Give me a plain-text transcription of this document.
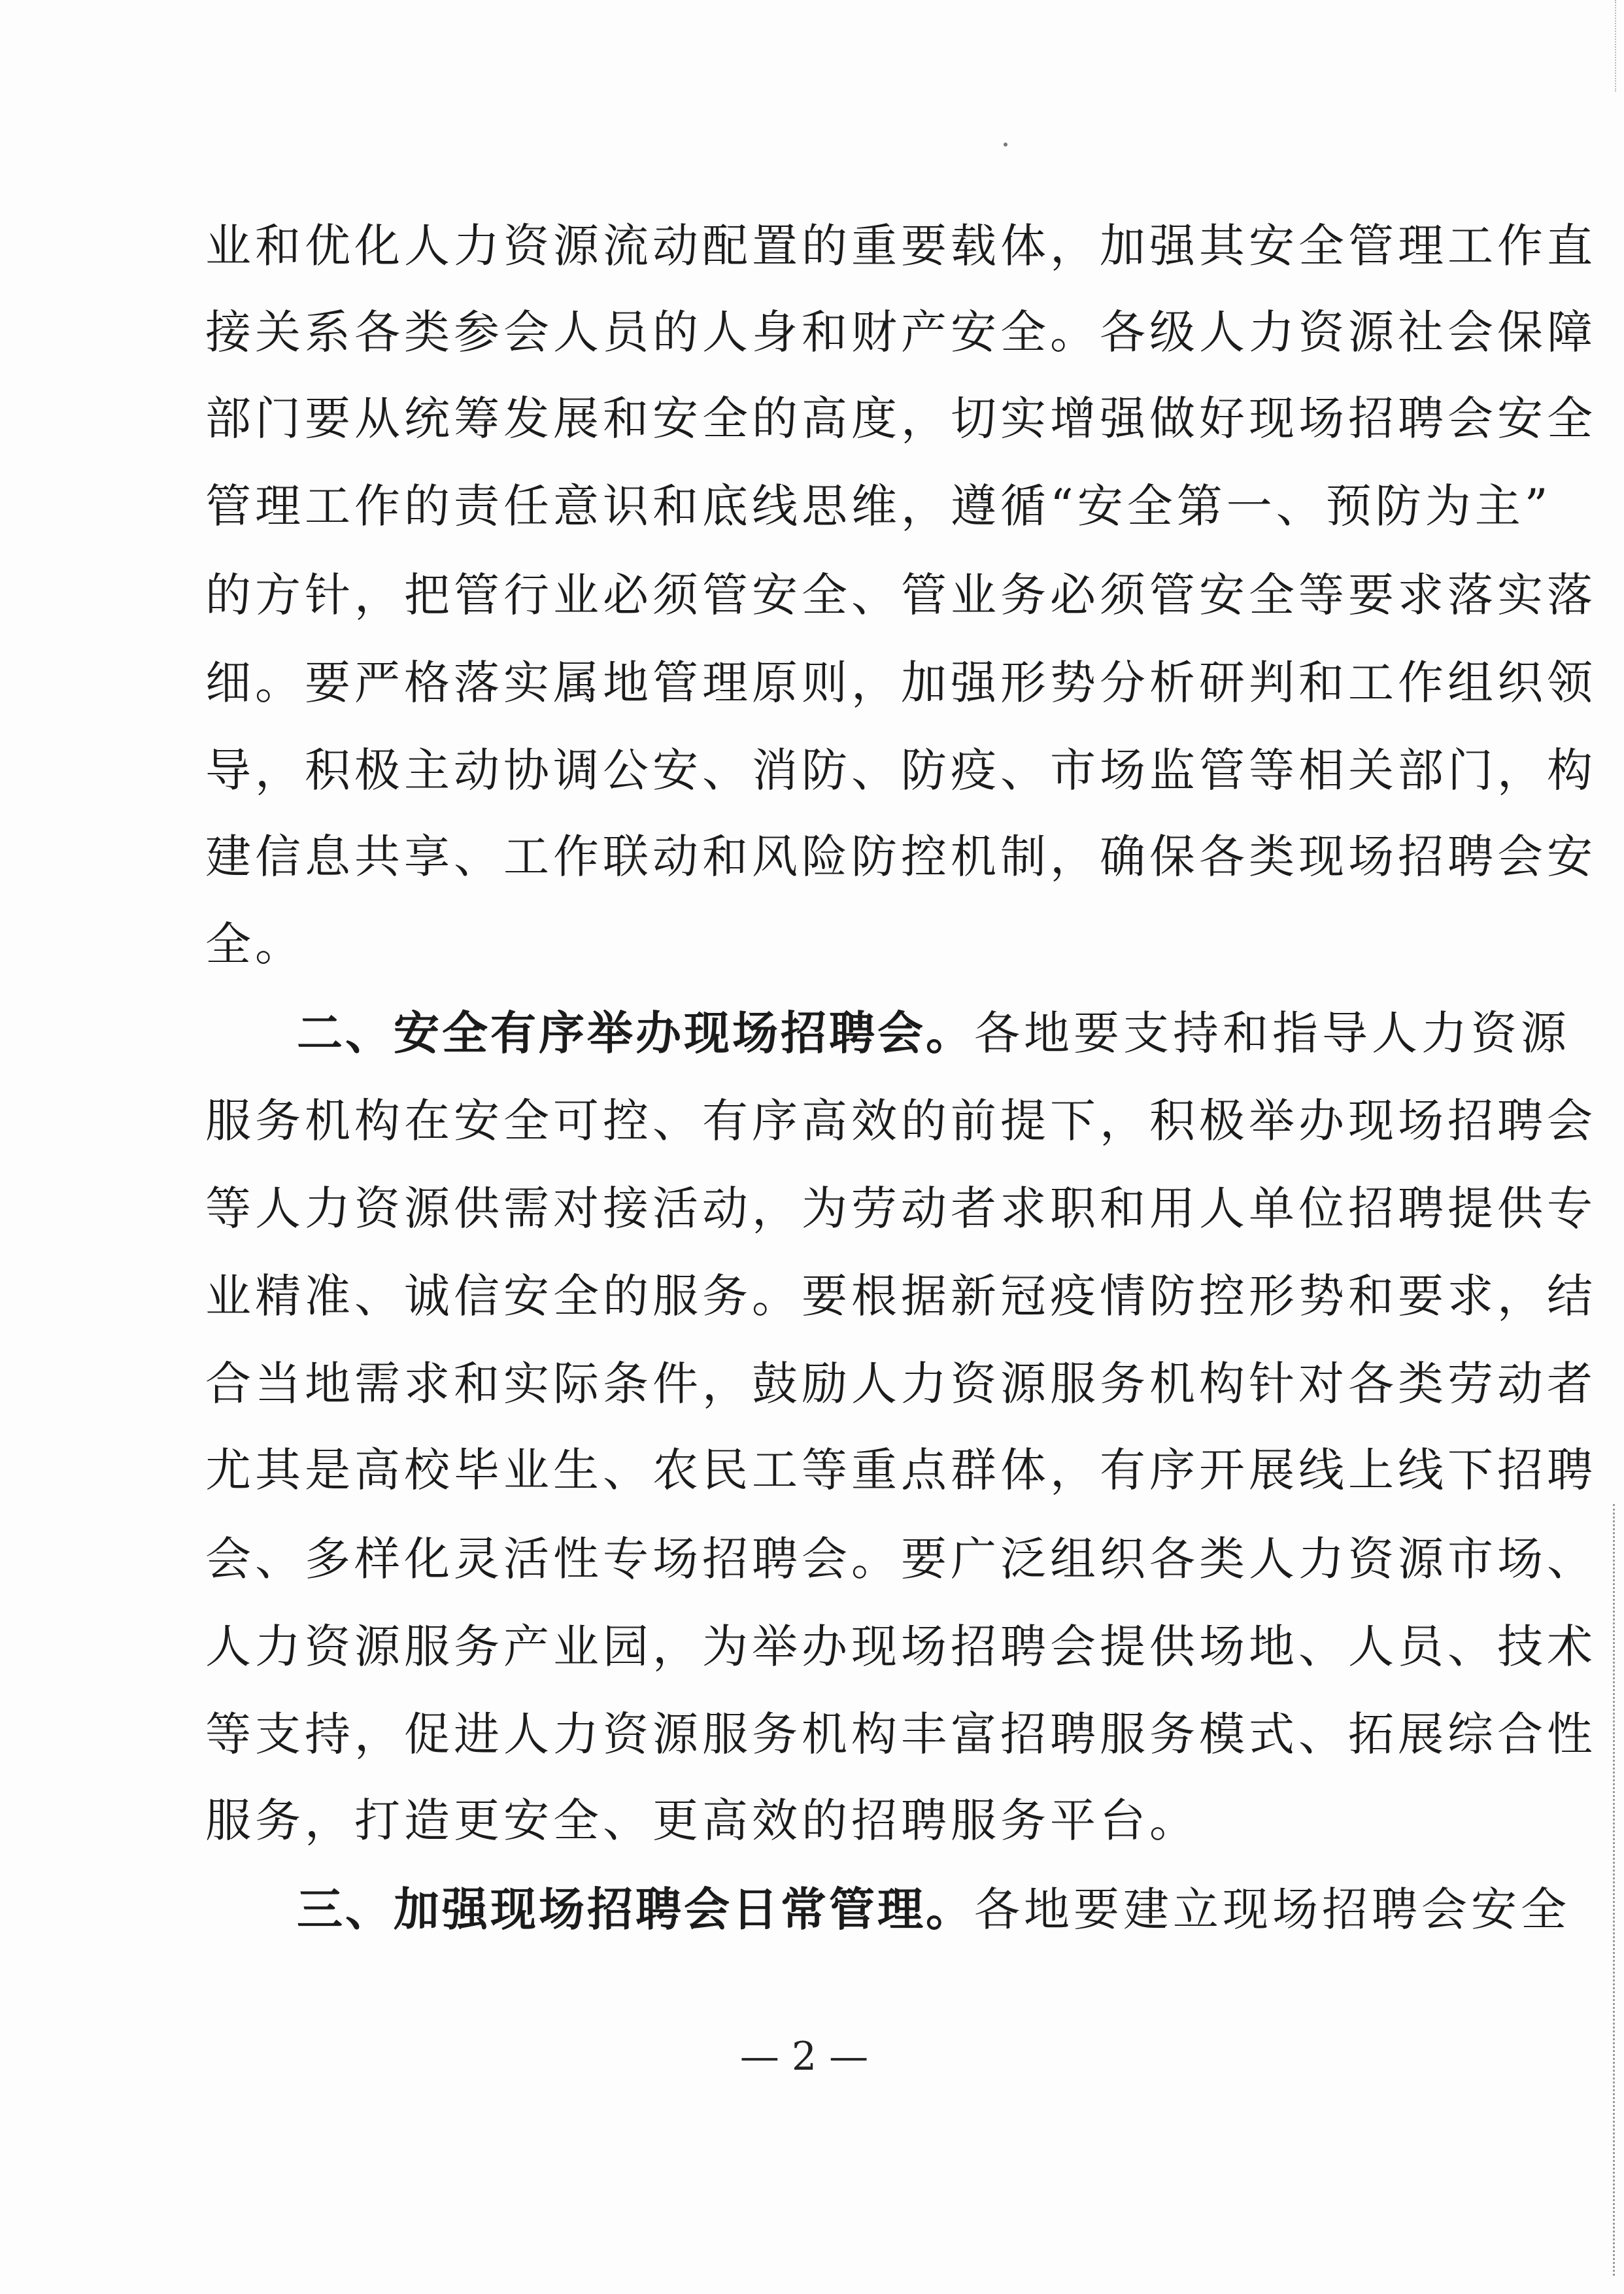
业和优化人力资源流动配置的重要载体，加强其安全管理工作直
接关系各类参会人员的人身和财产安全。各级人力资源社会保障
部门要从统筹发展和安全的高度，切实增强做好现场招聘会安全
管理工作的责任意识和底线思维，遵循“安全第一、预防为主”
的方针，把管行业必须管安全、管业务必须管安全等要求落实落
细。要严格落实属地管理原则，加强形势分析研判和工作组织领
导，积极主动协调公安、消防、防疫、市场监管等相关部门，构
建信息共享、工作联动和风险防控机制，确保各类现场招聘会安
全。
二、安全有序举办现场招聘会。各地要支持和指导人力资源
服务机构在安全可控、有序高效的前提下，积极举办现场招聘会
等人力资源供需对接活动，为劳动者求职和用人单位招聘提供专
业精准、诚信安全的服务。要根据新冠疫情防控形势和要求，结
合当地需求和实际条件，鼓励人力资源服务机构针对各类劳动者
尤其是高校毕业生、农民工等重点群体，有序开展线上线下招聘
会、多样化灵活性专场招聘会。要广泛组织各类人力资源市场、
人力资源服务产业园，为举办现场招聘会提供场地、人员、技术
等支持，促进人力资源服务机构丰富招聘服务模式、拓展综合性
服务，打造更安全、更高效的招聘服务平台。
三、加强现场招聘会日常管理。各地要建立现场招聘会安全
— 2 —
